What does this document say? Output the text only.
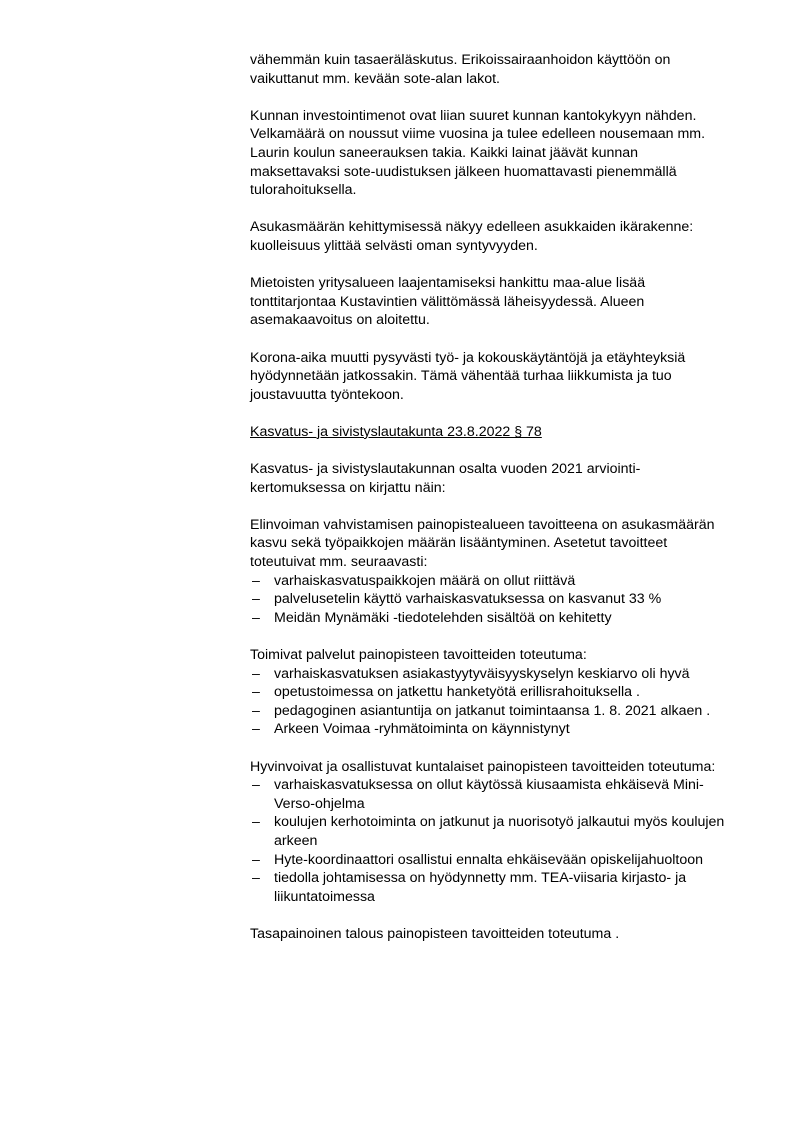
vähemmän kuin tasaeräläskutus. Erikoissairaanhoidon käyttöön on vaikuttanut mm. kevään sote-alan lakot.

Kunnan investointimenot ovat liian suuret kunnan kantokykyyn nähden. Velkamäärä on noussut viime vuosina ja tulee edelleen nousemaan mm. Laurin koulun saneerauksen takia. Kaikki lainat jäävät kunnan maksettavaksi sote-uudistuksen jälkeen huomattavasti pienemmällä tulorahoituksella.

Asukasmäärän kehittymisessä näkyy edelleen asukkaiden ikärakenne: kuolleisuus ylittää selvästi oman syntyvyyden.

Mietoisten yritysalueen laajentamiseksi hankittu maa-alue lisää tonttitarjontaa Kustavintien välittömässä läheisyydessä. Alueen asemakaavoitus on aloitettu.

Korona-aika muutti pysyvästi työ- ja kokouskäytäntöjä ja etäyhteyksiä hyödynnetään jatkossakin. Tämä vähentää turhaa liikkumista ja tuo joustavuutta työntekoon.

Kasvatus- ja sivistyslautakunta 23.8.2022 § 78

Kasvatus- ja sivistyslautakunnan osalta vuoden 2021 arviointi-kertomuksessa on kirjattu näin:

Elinvoiman vahvistamisen painopistealueen tavoitteena on asukasmäärän kasvu sekä työpaikkojen määrän lisääntyminen. Asetetut tavoitteet toteutuivat mm. seuraavasti:

– varhaiskasvatuspaikkojen määrä on ollut riittävä
– palvelusetelin käyttö varhaiskasvatuksessa on kasvanut 33 %
– Meidän Mynämäki -tiedotelehden sisältöä on kehitetty

Toimivat palvelut painopisteen tavoitteiden toteutuma:

– varhaiskasvatuksen asiakastyytyväisyyskyselyn keskiarvo oli hyvä
– opetustoimessa on jatkettu hanketyötä erillisrahoituksella .
– pedagoginen asiantuntija on jatkanut toimintaansa 1. 8. 2021 alkaen .
– Arkeen Voimaa -ryhmätoiminta on käynnistynyt

Hyvinvoivat ja osallistuvat kuntalaiset painopisteen tavoitteiden toteutuma:

– varhaiskasvatuksessa on ollut käytössä kiusaamista ehkäisevä Mini-Verso-ohjelma
– koulujen kerhotoiminta on jatkunut ja nuorisotyö jalkautui myös koulujen arkeen
– Hyte-koordinaattori osallistui ennalta ehkäisevään opiskelijahuoltoon
– tiedolla johtamisessa on hyödynnetty mm. TEA-viisaria kirjasto- ja liikuntatoimessa

Tasapainoinen talous painopisteen tavoitteiden toteutuma .
